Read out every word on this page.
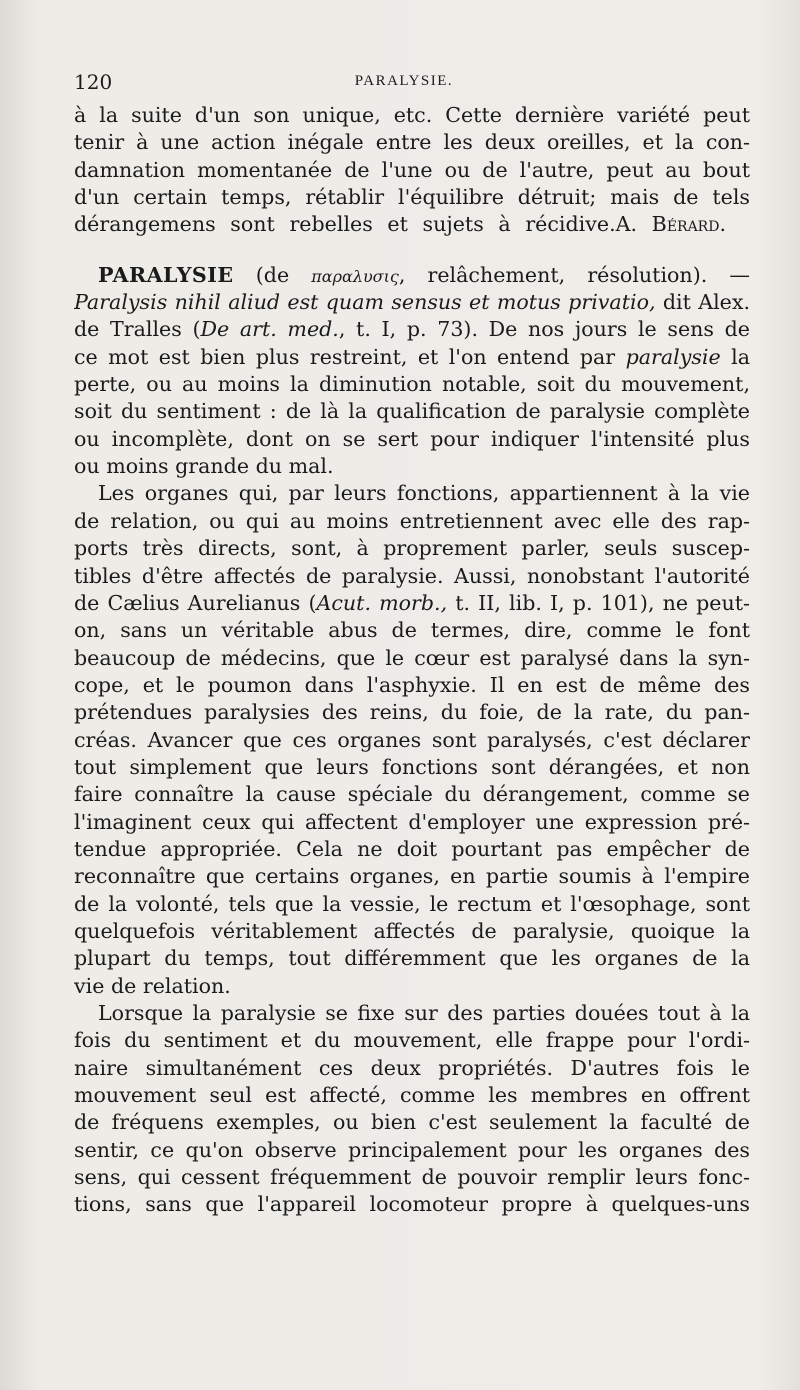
120	PARALYSIE.
à la suite d'un son unique, etc. Cette dernière variété peut
tenir à une action inégale entre les deux oreilles, et la con-
damnation momentanée de l'une ou de l'autre, peut au bout
d'un certain temps, rétablir l'équilibre détruit; mais de tels
dérangemens sont rebelles et sujets à récidive.A. Bérard.
PARALYSIE (de παραλυσις, relâchement, résolution). —
Paralysis nihil aliud est quam sensus et motus privatio, dit Alex.
de Tralles (De art. med., t. I, p. 73). De nos jours le sens de
ce mot est bien plus restreint, et l'on entend par paralysie la
perte, ou au moins la diminution notable, soit du mouvement,
soit du sentiment : de là la qualification de paralysie complète
ou incomplète, dont on se sert pour indiquer l'intensité plus
ou moins grande du mal.
Les organes qui, par leurs fonctions, appartiennent à la vie
de relation, ou qui au moins entretiennent avec elle des rap-
ports très directs, sont, à proprement parler, seuls suscep-
tibles d'être affectés de paralysie. Aussi, nonobstant l'autorité
de Cælius Aurelianus (Acut. morb., t. II, lib. I, p. 101), ne peut-
on, sans un véritable abus de termes, dire, comme le font
beaucoup de médecins, que le cœur est paralysé dans la syn-
cope, et le poumon dans l'asphyxie. Il en est de même des
prétendues paralysies des reins, du foie, de la rate, du pan-
créas. Avancer que ces organes sont paralysés, c'est déclarer
tout simplement que leurs fonctions sont dérangées, et non
faire connaître la cause spéciale du dérangement, comme se
l'imaginent ceux qui affectent d'employer une expression pré-
tendue appropriée. Cela ne doit pourtant pas empêcher de
reconnaître que certains organes, en partie soumis à l'empire
de la volonté, tels que la vessie, le rectum et l'œsophage, sont
quelquefois véritablement affectés de paralysie, quoique la
plupart du temps, tout différemment que les organes de la
vie de relation.
Lorsque la paralysie se fixe sur des parties douées tout à la
fois du sentiment et du mouvement, elle frappe pour l'ordi-
naire simultanément ces deux propriétés. D'autres fois le
mouvement seul est affecté, comme les membres en offrent
de fréquens exemples, ou bien c'est seulement la faculté de
sentir, ce qu'on observe principalement pour les organes des
sens, qui cessent fréquemment de pouvoir remplir leurs fonc-
tions, sans que l'appareil locomoteur propre à quelques-uns
